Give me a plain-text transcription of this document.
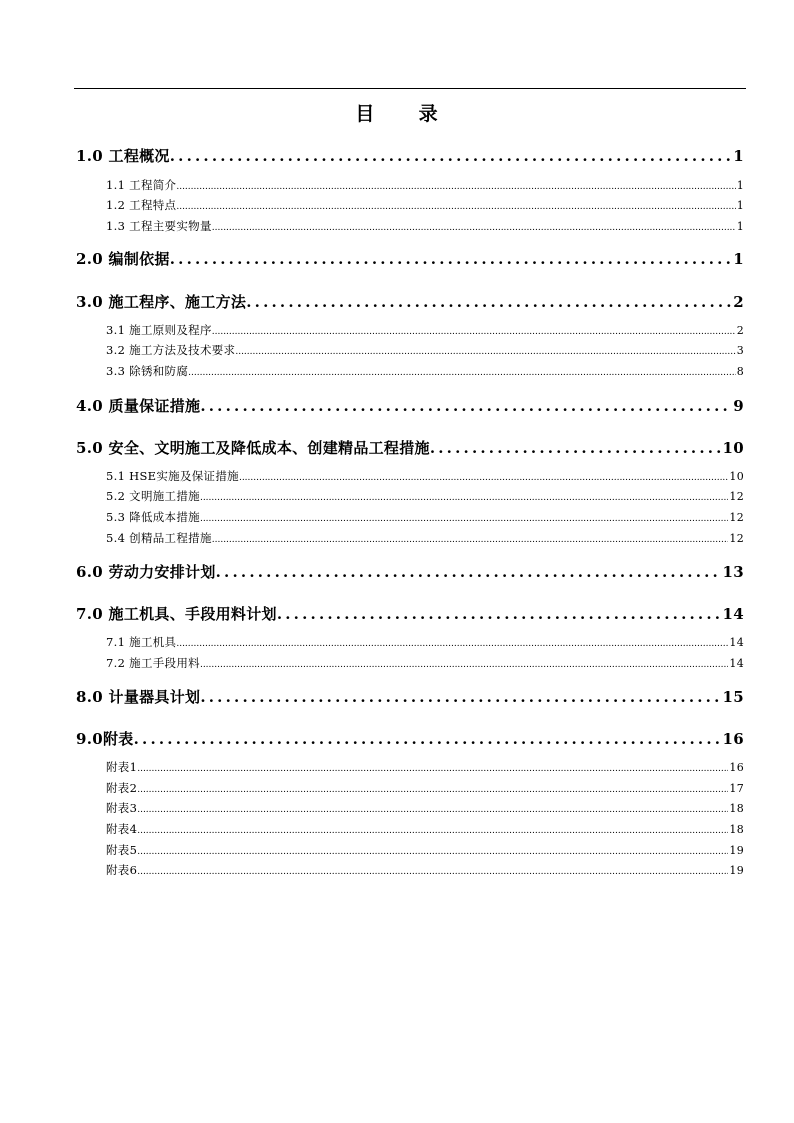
目 录
1.0 工程概况 .....	1
1.1 工程简介 .....	1
1.2 工程特点 .....	1
1.3 工程主要实物量 .....	1
2.0 编制依据 .....	1
3.0 施工程序、施工方法 .....	2
3.1 施工原则及程序 .....	2
3.2 施工方法及技术要求 .....	3
3.3 除锈和防腐 .....	8
4.0 质量保证措施 .....	9
5.0 安全、文明施工及降低成本、创建精品工程措施 .....	10
5.1 HSE实施及保证措施 .....	10
5.2 文明施工措施 .....	12
5.3 降低成本措施 .....	12
5.4 创精品工程措施 .....	12
6.0 劳动力安排计划 .....	13
7.0 施工机具、手段用料计划 .....	14
7.1 施工机具 .....	14
7.2 施工手段用料 .....	14
8.0 计量器具计划 .....	15
9.0附表 .....	16
附表1 .....	16
附表2 .....	17
附表3 .....	18
附表4 .....	18
附表5 .....	19
附表6 .....	19
